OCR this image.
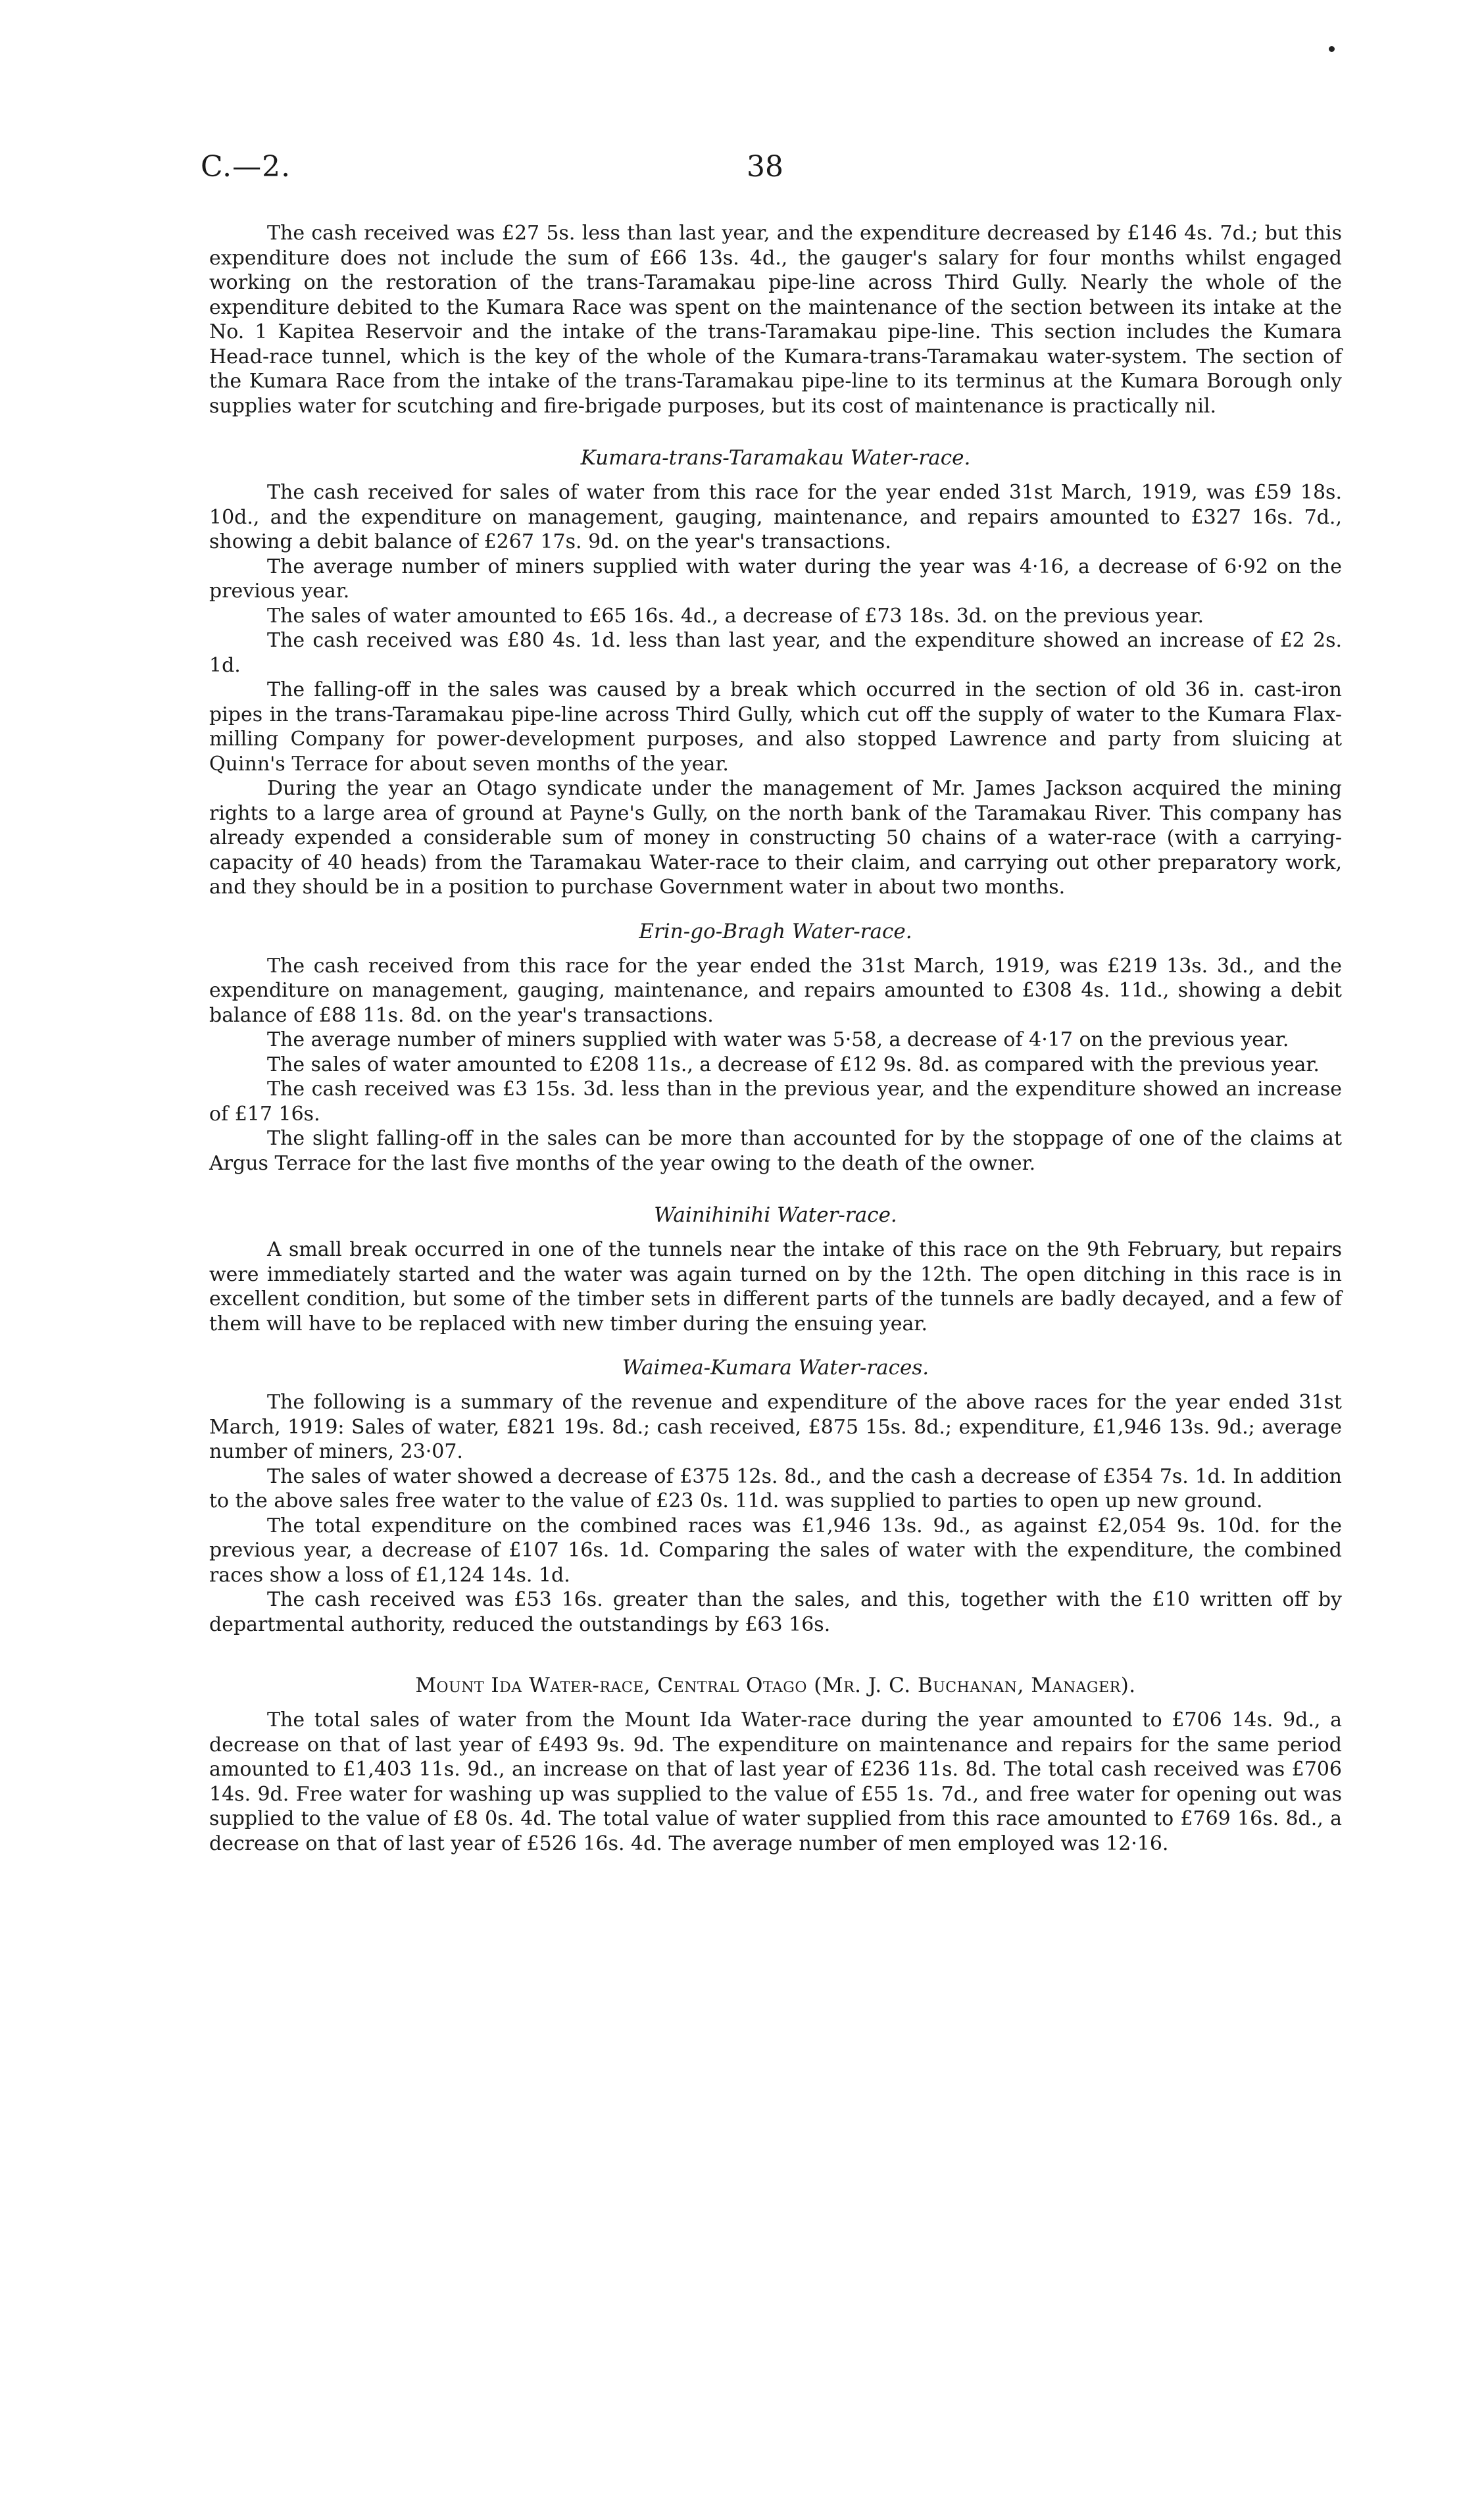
C.—2.	38

The cash received was £27 5s. less than last year, and the expenditure decreased by £146 4s. 7d.; but this expenditure does not include the sum of £66 13s. 4d., the gauger's salary for four months whilst engaged working on the restoration of the trans-Taramakau pipe-line across Third Gully. Nearly the whole of the expenditure debited to the Kumara Race was spent on the maintenance of the section between its intake at the No. 1 Kapitea Reservoir and the intake of the trans-Taramakau pipe-line. This section includes the Kumara Head-race tunnel, which is the key of the whole of the Kumara-trans-Taramakau water-system. The section of the Kumara Race from the intake of the trans-Taramakau pipe-line to its terminus at the Kumara Borough only supplies water for scutching and fire-brigade purposes, but its cost of maintenance is practically nil.

Kumara-trans-Taramakau Water-race.

The cash received for sales of water from this race for the year ended 31st March, 1919, was £59 18s. 10d., and the expenditure on management, gauging, maintenance, and repairs amounted to £327 16s. 7d., showing a debit balance of £267 17s. 9d. on the year's transactions.

The average number of miners supplied with water during the year was 4·16, a decrease of 6·92 on the previous year.

The sales of water amounted to £65 16s. 4d., a decrease of £73 18s. 3d. on the previous year.

The cash received was £80 4s. 1d. less than last year, and the expenditure showed an increase of £2 2s. 1d.

The falling-off in the sales was caused by a break which occurred in the section of old 36 in. cast-iron pipes in the trans-Taramakau pipe-line across Third Gully, which cut off the supply of water to the Kumara Flax-milling Company for power-development purposes, and also stopped Lawrence and party from sluicing at Quinn's Terrace for about seven months of the year.

During the year an Otago syndicate under the management of Mr. James Jackson acquired the mining rights to a large area of ground at Payne's Gully, on the north bank of the Taramakau River. This company has already expended a considerable sum of money in constructing 50 chains of a water-race (with a carrying-capacity of 40 heads) from the Taramakau Water-race to their claim, and carrying out other preparatory work, and they should be in a position to purchase Government water in about two months.

Erin-go-Bragh Water-race.

The cash received from this race for the year ended the 31st March, 1919, was £219 13s. 3d., and the expenditure on management, gauging, maintenance, and repairs amounted to £308 4s. 11d., showing a debit balance of £88 11s. 8d. on the year's transactions.

The average number of miners supplied with water was 5·58, a decrease of 4·17 on the previous year.

The sales of water amounted to £208 11s., a decrease of £12 9s. 8d. as compared with the previous year.

The cash received was £3 15s. 3d. less than in the previous year, and the expenditure showed an increase of £17 16s.

The slight falling-off in the sales can be more than accounted for by the stoppage of one of the claims at Argus Terrace for the last five months of the year owing to the death of the owner.

Wainihinihi Water-race.

A small break occurred in one of the tunnels near the intake of this race on the 9th February, but repairs were immediately started and the water was again turned on by the 12th. The open ditching in this race is in excellent condition, but some of the timber sets in different parts of the tunnels are badly decayed, and a few of them will have to be replaced with new timber during the ensuing year.

Waimea-Kumara Water-races.

The following is a summary of the revenue and expenditure of the above races for the year ended 31st March, 1919: Sales of water, £821 19s. 8d.; cash received, £875 15s. 8d.; expenditure, £1,946 13s. 9d.; average number of miners, 23·07.

The sales of water showed a decrease of £375 12s. 8d., and the cash a decrease of £354 7s. 1d. In addition to the above sales free water to the value of £23 0s. 11d. was supplied to parties to open up new ground.

The total expenditure on the combined races was £1,946 13s. 9d., as against £2,054 9s. 10d. for the previous year, a decrease of £107 16s. 1d. Comparing the sales of water with the expenditure, the combined races show a loss of £1,124 14s. 1d.

The cash received was £53 16s. greater than the sales, and this, together with the £10 written off by departmental authority, reduced the outstandings by £63 16s.

Mount Ida Water-race, Central Otago (Mr. J. C. Buchanan, Manager).

The total sales of water from the Mount Ida Water-race during the year amounted to £706 14s. 9d., a decrease on that of last year of £493 9s. 9d. The expenditure on maintenance and repairs for the same period amounted to £1,403 11s. 9d., an increase on that of last year of £236 11s. 8d. The total cash received was £706 14s. 9d. Free water for washing up was supplied to the value of £55 1s. 7d., and free water for opening out was supplied to the value of £8 0s. 4d. The total value of water supplied from this race amounted to £769 16s. 8d., a decrease on that of last year of £526 16s. 4d. The average number of men employed was 12·16.
